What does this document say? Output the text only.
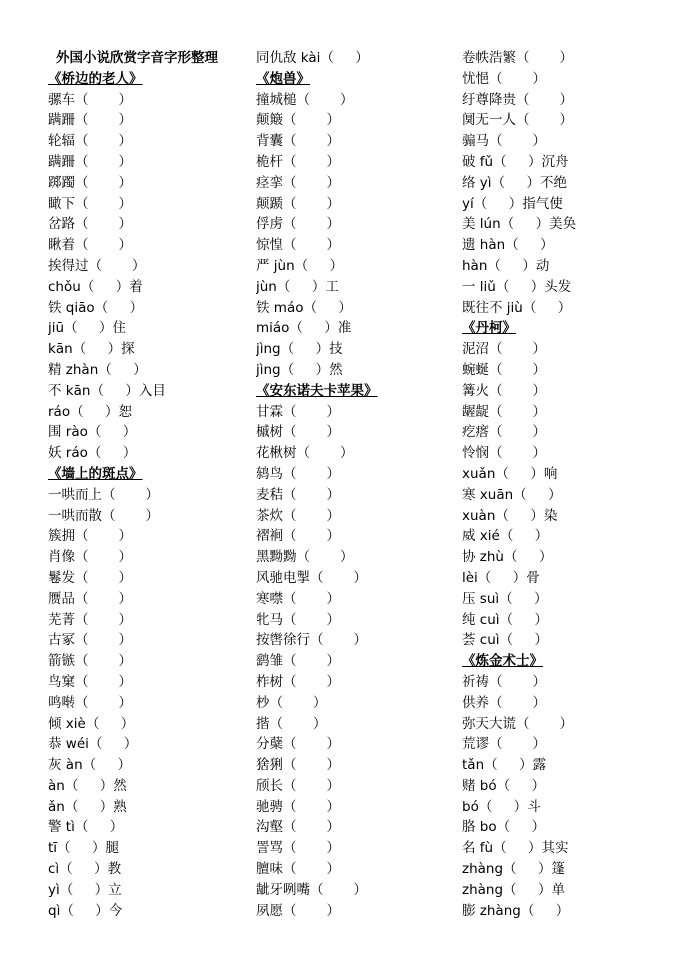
外国小说欣赏字音字形整理
《桥边的老人》
骡车（       ）
蹒跚（       ）
轮辐（       ）
蹒跚（       ）
踯躅（       ）
瞰下（       ）
岔路（       ）
瞅着（       ）
挨得过（       ）
chǒu（     ）着
铁 qiāo（     ）
jiū（     ）住
kān（     ）探
精 zhàn（     ）
不 kān（     ）入目
ráo（     ）恕
围 rào（     ）
妖 ráo（     ）
《墙上的斑点》
一哄而上（       ）
一哄而散（       ）
簇拥（       ）
肖像（       ）
鬈发（       ）
赝品（       ）
芜菁（       ）
古冢（       ）
箭镞（       ）
鸟窠（       ）
鸣啭（       ）
倾 xiè（     ）
恭 wéi（     ）
灰 àn（     ）
àn（     ）然
ǎn（     ）熟
警 tì（     ）
tī（     ）腿
cì（     ）教
yì（     ）立
qì（     ）今
同仇敌 kài（     ）
《炮兽》
撞城槌（       ）
颠簸（       ）
背囊（       ）
桅杆（       ）
痉挛（       ）
颠踬（       ）
俘虏（       ）
惊惶（       ）
严 jùn（     ）
jùn（     ）工
铁 máo（     ）
miáo（     ）准
jìng（     ）技
jìng（     ）然
《安东诺夫卡苹果》
甘霖（       ）
槭树（       ）
花楸树（       ）
鸫鸟（       ）
麦秸（       ）
茶炊（       ）
褶裥（       ）
黑黝黝（       ）
风驰电掣（       ）
寒噤（       ）
牝马（       ）
按辔徐行（       ）
鹞雏（       ）
柞树（       ）
杪（       ）
揩（       ）
分蘖（       ）
猞猁（       ）
颀长（       ）
驰骋（       ）
沟壑（       ）
詈骂（       ）
膻味（       ）
龇牙咧嘴（       ）
夙愿（       ）
卷帙浩繁（       ）
忧悒（       ）
纡尊降贵（       ）
阒无一人（       ）
骟马（       ）
破 fǔ（     ）沉舟
络 yì（     ）不绝
yí（     ）指气使
美 lún（     ）美奂
遗 hàn（     ）
hàn（     ）动
一 liǔ（     ）头发
既往不 jiù（     ）
《丹柯》
泥沼（       ）
蜿蜒（       ）
篝火（       ）
龌龊（       ）
疙瘩（       ）
怜悯（       ）
xuǎn（     ）响
寒 xuān（     ）
xuàn（     ）染
威 xié（     ）
协 zhù（     ）
lèi（     ）骨
压 suì（     ）
纯 cuì（     ）
荟 cuì（     ）
《炼金术士》
祈祷（       ）
供养（       ）
弥天大谎（       ）
荒谬（       ）
tǎn（     ）露
赌 bó（     ）
bó（     ）斗
胳 bo（     ）
名 fù（     ）其实
zhàng（     ）篷
zhàng（     ）单
膨 zhàng（     ）
